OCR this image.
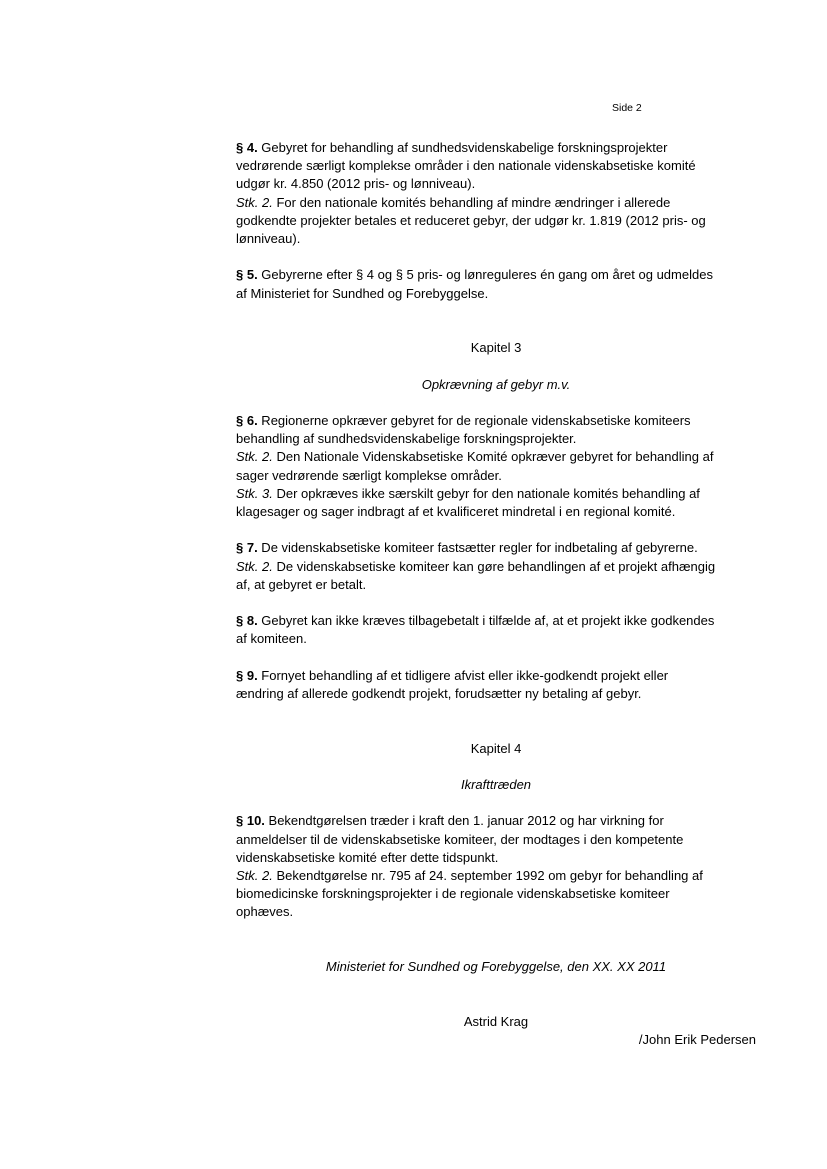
Side 2
§ 4. Gebyret for behandling af sundhedsvidenskabelige forskningsprojekter
vedrørende særligt komplekse områder i den nationale videnskabsetiske komité
udgør kr. 4.850 (2012 pris- og lønniveau).
Stk. 2. For den nationale komités behandling af mindre ændringer i allerede
godkendte projekter betales et reduceret gebyr, der udgør kr. 1.819 (2012 pris- og
lønniveau).
§ 5. Gebyrerne efter § 4 og § 5 pris- og lønreguleres én gang om året og udmeldes
af Ministeriet for Sundhed og Forebyggelse.
Kapitel 3
Opkrævning af gebyr m.v.
§ 6. Regionerne opkræver gebyret for de regionale videnskabsetiske komiteers
behandling af sundhedsvidenskabelige forskningsprojekter.
Stk. 2. Den Nationale Videnskabsetiske Komité opkræver gebyret for behandling af
sager vedrørende særligt komplekse områder.
Stk. 3. Der opkræves ikke særskilt gebyr for den nationale komités behandling af
klagesager og sager indbragt af et kvalificeret mindretal i en regional komité.
§ 7. De videnskabsetiske komiteer fastsætter regler for indbetaling af gebyrerne.
Stk. 2. De videnskabsetiske komiteer kan gøre behandlingen af et projekt afhængig
af, at gebyret er betalt.
§ 8. Gebyret kan ikke kræves tilbagebetalt i tilfælde af, at et projekt ikke godkendes
af komiteen.
§ 9. Fornyet behandling af et tidligere afvist eller ikke-godkendt projekt eller
ændring af allerede godkendt projekt, forudsætter ny betaling af gebyr.
Kapitel 4
Ikrafttræden
§ 10. Bekendtgørelsen træder i kraft den 1. januar 2012 og har virkning for
anmeldelser til de videnskabsetiske komiteer, der modtages i den kompetente
videnskabsetiske komité efter dette tidspunkt.
Stk. 2. Bekendtgørelse nr. 795 af 24. september 1992 om gebyr for behandling af
biomedicinske forskningsprojekter i de regionale videnskabsetiske komiteer
ophæves.
Ministeriet for Sundhed og Forebyggelse, den XX. XX 2011
Astrid Krag
/John Erik Pedersen
